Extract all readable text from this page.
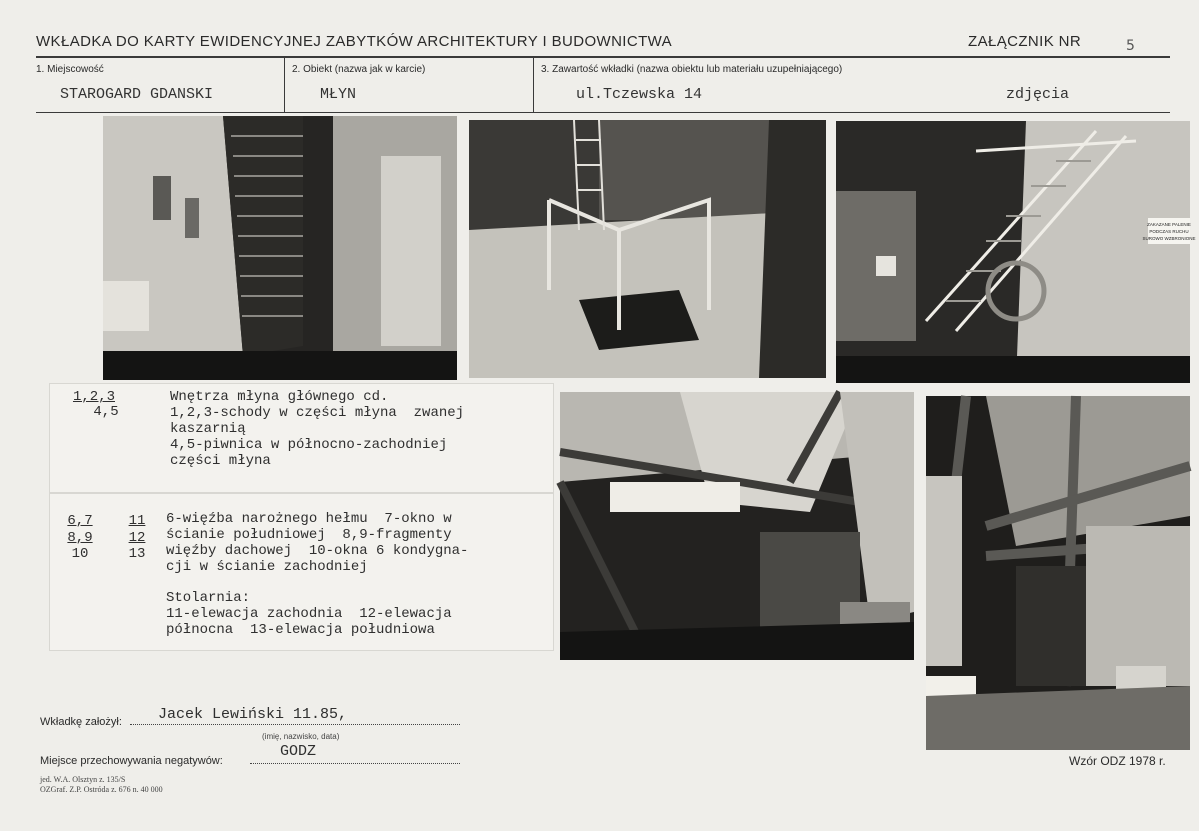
WKŁADKA DO KARTY EWIDENCYJNEJ ZABYTKÓW ARCHITEKTURY I BUDOWNICTWA	ZAŁĄCZNIK NR	5
1. Miejscowość	2. Obiekt (nazwa jak w karcie)	3. Zawartość wkładki (nazwa obiektu lub materiału uzupełniającego)
STAROGARD GDANSKI	MŁYN	ul.Tczewska 14	zdjęcia
ZAKAZANE PALENIE
PODCZAS RUCHU
SUROWO WZBRONIONE
1,2,3
4,5
Wnętrza młyna głównego cd.
1,2,3-schody w części młyna  zwanej
kaszarnią
4,5-piwnica w północno-zachodniej
części młyna
6,7
8,9
10
11
12
13
6-więźba narożnego hełmu  7-okno w
ścianie południowej  8,9-fragmenty
więźby dachowej  10-okna 6 kondygna-
cji w ścianie zachodniej
Stolarnia:
11-elewacja zachodnia  12-elewacja
północna  13-elewacja południowa
Wkładkę założył: Jacek Lewiński 11.85,
(imię, nazwisko, data)
Miejsce przechowywania negatywów:
GODZ
jed. W.A. Olsztyn z. 135/S
OZGraf. Z.P. Ostróda z. 676 n. 40 000
Wzór ODZ 1978 r.
